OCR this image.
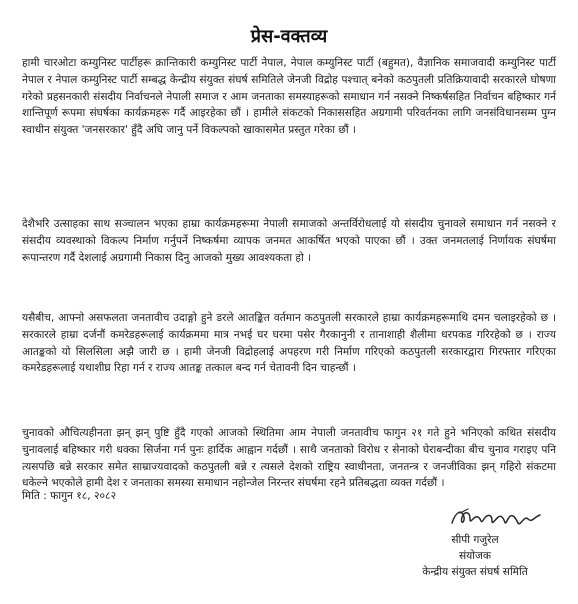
प्रेस-वक्तव्य

हामी चारओटा कम्युनिस्ट पार्टीहरू क्रान्तिकारी कम्युनिस्ट पार्टी नेपाल, नेपाल कम्युनिस्ट पार्टी (बहुमत), वैज्ञानिक समाजवादी कम्युनिस्ट पार्टी नेपाल र नेपाल कम्युनिस्ट पार्टी सम्बद्ध केन्द्रीय संयुक्त संघर्ष समितिले जेनजी विद्रोह पश्चात् बनेको कठपुतली प्रतिक्रियावादी सरकारले घोषणा गरेको प्रहसनकारी संसदीय निर्वाचनले नेपाली समाज र आम जनताका समस्याहरूको समाधान गर्न नसक्ने निष्कर्षसहित निर्वाचन बहिष्कार गर्न शान्तिपूर्ण रूपमा संघर्षका कार्यक्रमहरू गर्दै आइरहेका छौं । हामीले संकटको निकाससहित अग्रगामी परिवर्तनका लागि जनसंविधानसम्म पुग्न स्वाधीन संयुक्त 'जनसरकार' हुँदै अघि जानु पर्ने विकल्पको खाकासमेत प्रस्तुत गरेका छौं ।

देशैभरि उत्साहका साथ सञ्चालन भएका हाम्रा कार्यक्रमहरूमा नेपाली समाजको अन्तर्विरोधलाई यो संसदीय चुनावले समाधान गर्न नसक्ने र संसदीय व्यवस्थाको विकल्प निर्माण गर्नुपर्ने निष्कर्षमा व्यापक जनमत आकर्षित भएको पाएका छौं । उक्त जनमतलाई निर्णायक संघर्षमा रूपान्तरण गर्दै देशलाई अग्रगामी निकास दिनु आजको मुख्य आवश्यकता हो ।

यसैबीच, आफ्नो असफलता जनतावीच उदाङ्गो हुने डरले आतङ्कित वर्तमान कठपुतली सरकारले हाम्रा कार्यक्रमहरूमाथि दमन चलाइरहेको छ । सरकारले हाम्रा दर्जनौं कमरेडहरूलाई कार्यक्रममा मात्र नभई घर घरमा पसेर गैरकानुनी र तानाशाही शैलीमा धरपकड गरिरहेको छ । राज्य आतङ्कको यो सिलसिला अझै जारी छ । हामी जेनजी विद्रोहलाई अपहरण गरी निर्माण गरिएको कठपुतली सरकारद्वारा गिरफ्तार गरिएका कमरेडहरूलाई यथाशीघ्र रिहा गर्न र राज्य आतङ्क तत्काल बन्द गर्न चेतावनी दिन चाहन्छौं ।

चुनावको औचित्यहीनता झन् झन् पुष्टि हुँदै गएको आजको स्थितिमा आम नेपाली जनतावीच फागुन २१ गते हुने भनिएको कथित संसदीय चुनावलाई बहिष्कार गरी धक्का सिर्जना गर्न पुनः हार्दिक आह्वान गर्दछौं । साथै जनताको विरोध र सेनाको घेराबन्दीका बीच चुनाव गराइए पनि त्यसपछि बन्ने सरकार समेत साम्राज्यवादको कठपुतली बन्ने र त्यसले देशको राष्ट्रिय स्वाधीनता, जनतन्त्र र जनजीविका झन् गहिरो संकटमा धकेल्ने भएकोले हामी देश र जनताका समस्या समाधान नहोन्जेल निरन्तर संघर्षमा रहने प्रतिबद्धता व्यक्त गर्दछौं ।

मिति : फागुन १८, २०८२
सीपी गजुरेल
संयोजक
केन्द्रीय संयुक्त संघर्ष समिति
